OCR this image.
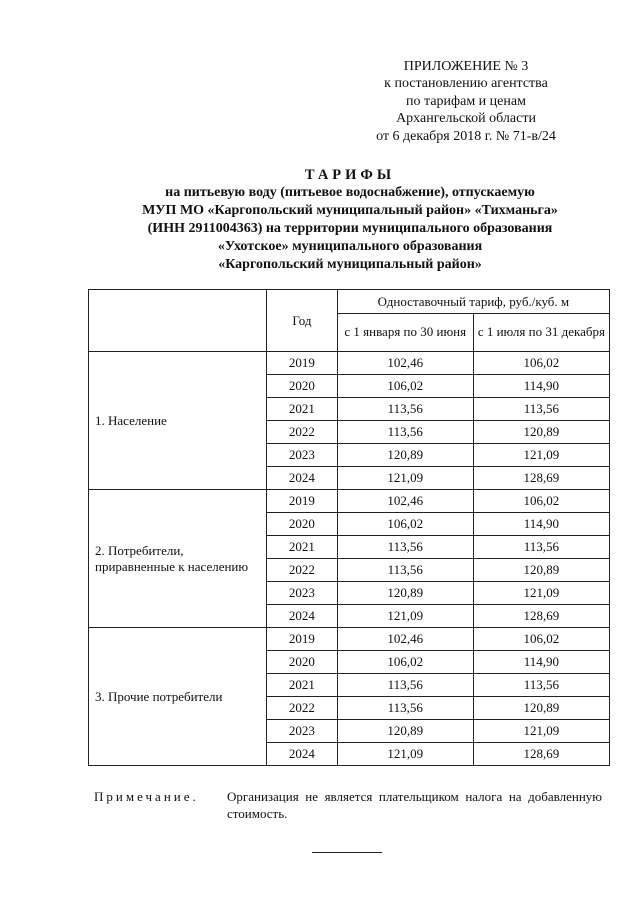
ПРИЛОЖЕНИЕ № 3
к постановлению агентства
по тарифам и ценам
Архангельской области
от 6 декабря 2018 г. № 71-в/24
ТАРИФЫ
на питьевую воду (питьевое водоснабжение), отпускаемую
МУП МО «Каргопольский муниципальный район» «Тихманьга»
(ИНН 2911004363) на территории муниципального образования
«Ухотское» муниципального образования
«Каргопольский муниципальный район»
	Год	Одноставочный тариф, руб./куб. м	
		с 1 января по 30 июня	с 1 июля по 31 декабря
1. Население	2019	102,46	106,02
	2020	106,02	114,90
	2021	113,56	113,56
	2022	113,56	120,89
	2023	120,89	121,09
	2024	121,09	128,69
2. Потребители, приравненные к населению	2019	102,46	106,02
	2020	106,02	114,90
	2021	113,56	113,56
	2022	113,56	120,89
	2023	120,89	121,09
	2024	121,09	128,69
3. Прочие потребители	2019	102,46	106,02
	2020	106,02	114,90
	2021	113,56	113,56
	2022	113,56	120,89
	2023	120,89	121,09
	2024	121,09	128,69
Примечание. Организация не является плательщиком налога на добавленную стоимость.
